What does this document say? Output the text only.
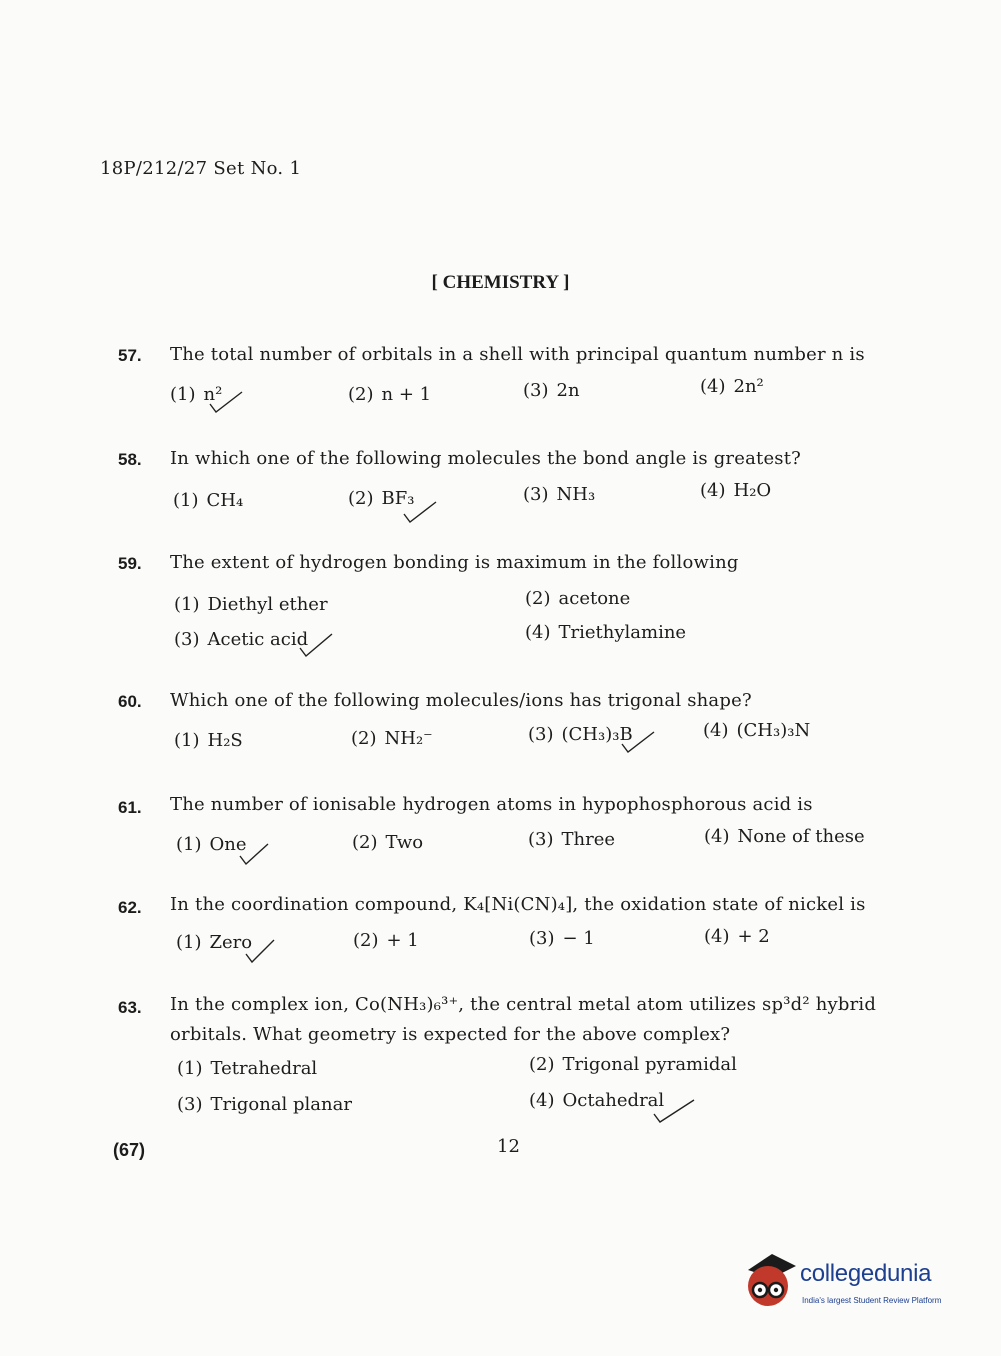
18P/212/27 Set No. 1
[ CHEMISTRY ]
57. The total number of orbitals in a shell with principal quantum number n is
(1) n²	(2) n + 1	(3) 2n	(4) 2n²
58. In which one of the following molecules the bond angle is greatest?
(1) CH₄	(2) BF₃	(3) NH₃	(4) H₂O
59. The extent of hydrogen bonding is maximum in the following
(1) Diethyl ether	(2) acetone
(3) Acetic acid	(4) Triethylamine
60. Which one of the following molecules/ions has trigonal shape?
(1) H₂S	(2) NH₂⁻	(3) (CH₃)₃B	(4) (CH₃)₃N
61. The number of ionisable hydrogen atoms in hypophosphorous acid is
(1) One	(2) Two	(3) Three	(4) None of these
62. In the coordination compound, K₄[Ni(CN)₄], the oxidation state of nickel is
(1) Zero	(2) + 1	(3) − 1	(4) + 2
63. In the complex ion, Co(NH₃)₆³⁺, the central metal atom utilizes sp³d² hybrid orbitals. What geometry is expected for the above complex?
(1) Tetrahedral	(2) Trigonal pyramidal
(3) Trigonal planar	(4) Octahedral
(67)	12
collegedunia
India's largest Student Review Platform
